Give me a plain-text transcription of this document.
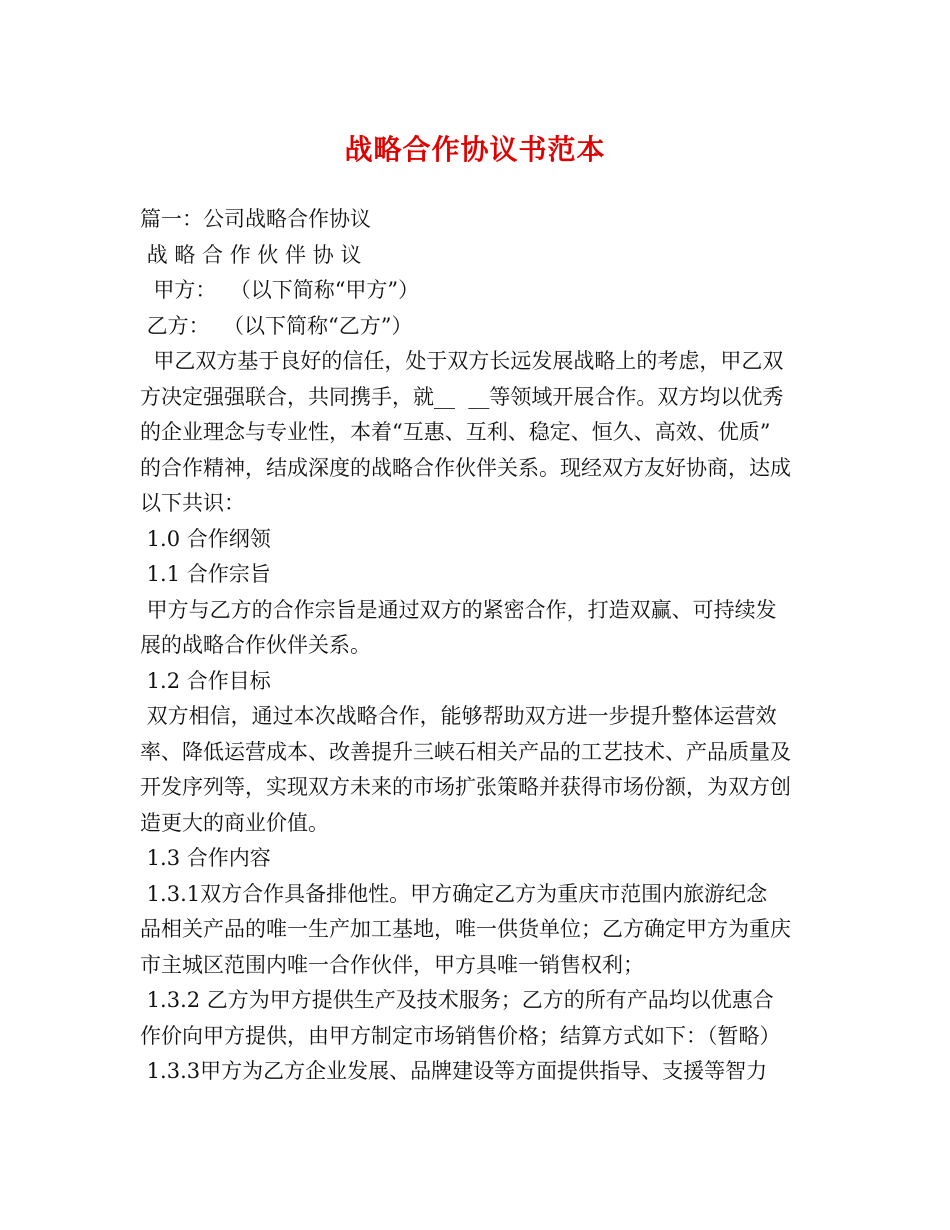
战略合作协议书范本
篇一：公司战略合作协议
战 略 合 作 伙 伴 协 议
甲方：  （以下简称“甲方”）
乙方：  （以下简称“乙方”）
甲乙双方基于良好的信任，处于双方长远发展战略上的考虑，甲乙双
方决定强强联合，共同携手，就__  __等领域开展合作。双方均以优秀
的企业理念与专业性，本着“互惠、互利、稳定、恒久、高效、优质”
的合作精神，结成深度的战略合作伙伴关系。现经双方友好协商，达成
以下共识：
1.0 合作纲领
1.1 合作宗旨
甲方与乙方的合作宗旨是通过双方的紧密合作，打造双赢、可持续发
展的战略合作伙伴关系。
1.2 合作目标
双方相信，通过本次战略合作，能够帮助双方进一步提升整体运营效
率、降低运营成本、改善提升三峡石相关产品的工艺技术、产品质量及
开发序列等，实现双方未来的市场扩张策略并获得市场份额，为双方创
造更大的商业价值。
1.3 合作内容
1.3.1双方合作具备排他性。甲方确定乙方为重庆市范围内旅游纪念
品相关产品的唯一生产加工基地，唯一供货单位；乙方确定甲方为重庆
市主城区范围内唯一合作伙伴，甲方具唯一销售权利；
1.3.2 乙方为甲方提供生产及技术服务；乙方的所有产品均以优惠合
作价向甲方提供，由甲方制定市场销售价格；结算方式如下：（暂略）
1.3.3甲方为乙方企业发展、品牌建设等方面提供指导、支援等智力
